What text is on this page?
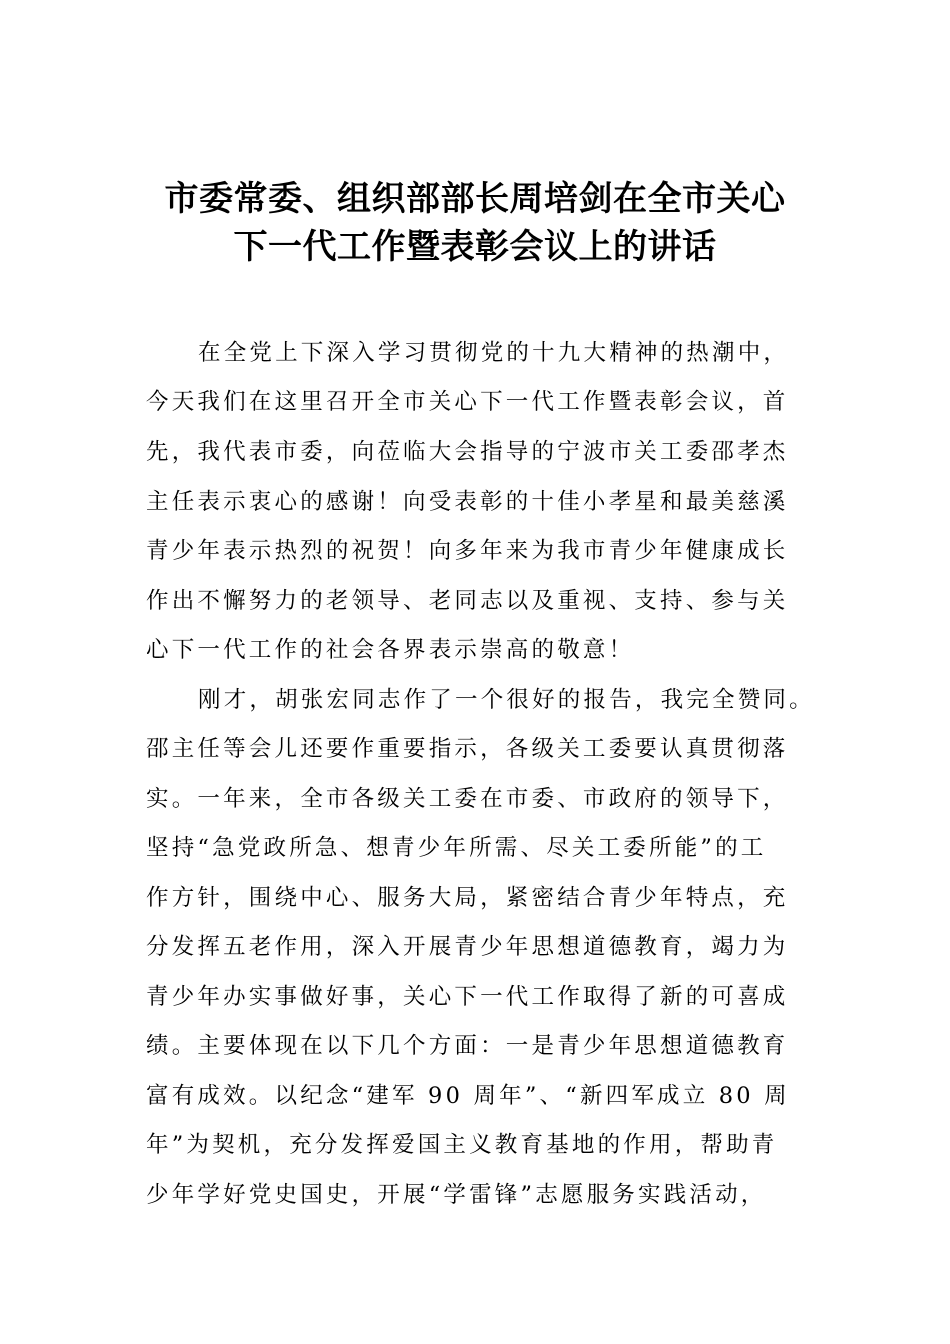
市委常委、组织部部长周培剑在全市关心
下一代工作暨表彰会议上的讲话
在全党上下深入学习贯彻党的十九大精神的热潮中，
今天我们在这里召开全市关心下一代工作暨表彰会议，首
先，我代表市委，向莅临大会指导的宁波市关工委邵孝杰
主任表示衷心的感谢！向受表彰的十佳小孝星和最美慈溪
青少年表示热烈的祝贺！向多年来为我市青少年健康成长
作出不懈努力的老领导、老同志以及重视、支持、参与关
心下一代工作的社会各界表示崇高的敬意！
刚才，胡张宏同志作了一个很好的报告，我完全赞同。
邵主任等会儿还要作重要指示，各级关工委要认真贯彻落
实。一年来，全市各级关工委在市委、市政府的领导下，
坚持“急党政所急、想青少年所需、尽关工委所能”的工
作方针，围绕中心、服务大局，紧密结合青少年特点，充
分发挥五老作用，深入开展青少年思想道德教育，竭力为
青少年办实事做好事，关心下一代工作取得了新的可喜成
绩。主要体现在以下几个方面：一是青少年思想道德教育
富有成效。以纪念“建军 90 周年”、“新四军成立 80 周
年”为契机，充分发挥爱国主义教育基地的作用，帮助青
少年学好党史国史，开展“学雷锋”志愿服务实践活动，
